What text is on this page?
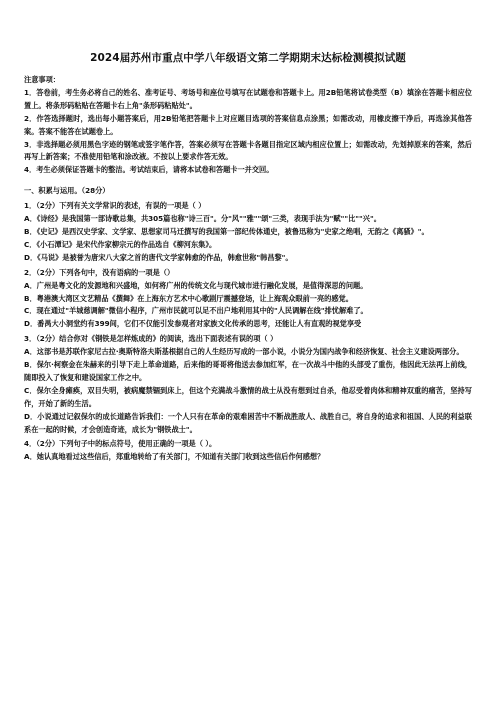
2024届苏州市重点中学八年级语文第二学期期末达标检测模拟试题

注意事项：

1．答卷前，考生务必将自己的姓名、准考证号、考场号和座位号填写在试题卷和答题卡上。用2B铅笔将试卷类型（B）填涂在答题卡相应位置上。将条形码粘贴在答题卡右上角"条形码粘贴处"。

2．作答选择题时，选出每小题答案后，用2B铅笔把答题卡上对应题目选项的答案信息点涂黑；如需改动，用橡皮擦干净后，再选涂其他答案。答案不能答在试题卷上。

3．非选择题必须用黑色字迹的钢笔或签字笔作答，答案必须写在答题卡各题目指定区域内相应位置上；如需改动，先划掉原来的答案，然后再写上新答案；不准使用铅笔和涂改液。不按以上要求作答无效。

4．考生必须保证答题卡的整洁。考试结束后，请将本试卷和答题卡一并交回。

一、积累与运用。（28分）

1．（2分）下列有关文学常识的表述，有误的一项是（ ）

A．《诗经》是我国第一部诗歌总集，共305篇也称"诗三百"。分"风""雅""颂"三类，表现手法为"赋""比""兴"。

B．《史记》是西汉史学家、文学家、思想家司马迁撰写的我国第一部纪传体通史，被鲁迅称为"史家之绝唱，无韵之《离骚》"。

C．《小石潭记》是宋代作家柳宗元的作品选自《柳河东集》。

D．《马说》是被誉为唐宋八大家之首的唐代文学家韩愈的作品，韩愈世称"韩昌黎"。

2．（2分）下列各句中，没有语病的一项是（）

A．广州是粤文化的发源地和兴盛地，如何将广州的传统文化与现代城市进行融化发展，是值得深思的问题。

B．粤港澳大湾区文艺精品《撰舞》在上海东方艺术中心歌剧厅震撼登场，让上海观众眼前一亮的感觉。

C．现在通过"羊城慈调解"微信小程序，广州市民就可以足不出户地利用其中的"人民调解在线"排忧解难了。

D．番禺大小洞堂约有399间，它们不仅能引发参观者对家族文化传承的思考，还能让人有直观的视觉享受

3．（2分）结合你对《钢铁是怎样炼成的》的阅读，选出下面表述有误的项（ ）

A．这部书是苏联作家尼古拉·奥斯特洛夫斯基根据自己的人生经历写成的一部小说，小说分为国内战争和经济恢复、社会主义建设两部分。

B．保尔·柯察金在朱赫来的引导下走上革命道路，后来他的哥哥将他送去参加红军，在一次战斗中他的头部受了重伤，他因此无法再上前线，随即投入了恢复和建设国家工作之中。

C．保尔全身瘫痪，双目失明，被病魔禁锢到床上，但这个充满战斗激情的战士从没有想到过自杀，他忍受着肉体和精神双重的痛苦，坚持写作，开始了新的生活。

D．小说通过记叙保尔的成长道路告诉我们：一个人只有在革命的艰难困苦中不断战胜敌人、战胜自己，将自身的追求和祖国、人民的利益联系在一起的时候，才会创造奇迹，成长为"钢铁战士"。

4．（2分）下列句子中的标点符号，使用正确的一项是（ ）。

A．她认真地看过这些信后，郑重地转给了有关部门，不知道有关部门收到这些信后作何感想？
